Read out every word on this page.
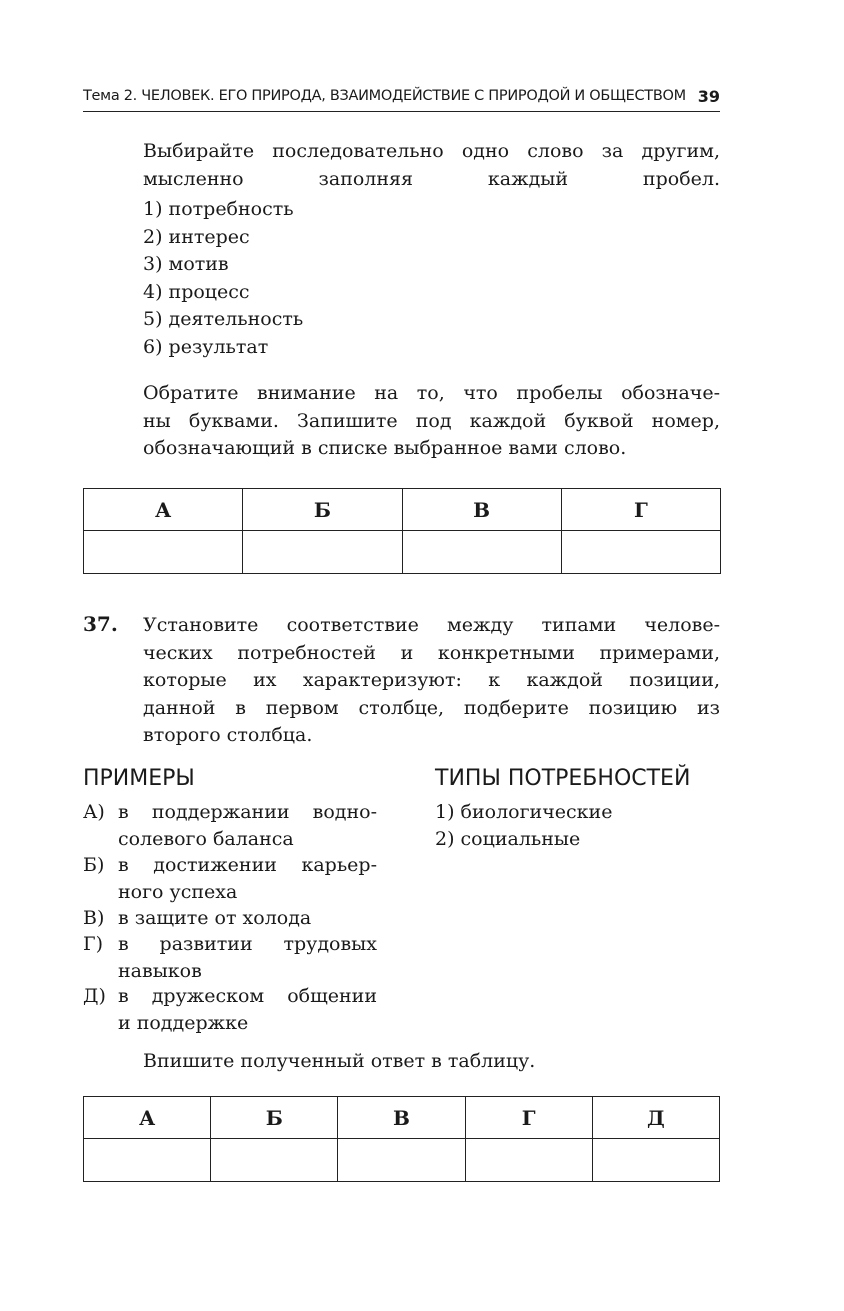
Тема 2. ЧЕЛОВЕК. ЕГО ПРИРОДА, ВЗАИМОДЕЙСТВИЕ С ПРИРОДОЙ И ОБЩЕСТВОМ 39
Выбирайте последовательно одно слово за другим,
мысленно заполняя каждый пробел.
1) потребность
2) интерес
3) мотив
4) процесс
5) деятельность
6) результат
Обратите внимание на то, что пробелы обозначе-
ны буквами. Запишите под каждой буквой номер,
обозначающий в списке выбранное вами слово.
А	Б	В	Г

37. Установите соответствие между типами челове-
ческих потребностей и конкретными примерами,
которые их характеризуют: к каждой позиции,
данной в первом столбце, подберите позицию из
второго столбца.
ПРИМЕРЫ	ТИПЫ ПОТРЕБНОСТЕЙ
А) в поддержании водно-
солевого баланса
Б) в достижении карьер-
ного успеха
В) в защите от холода
Г) в развитии трудовых
навыков
Д) в дружеском общении
и поддержке
1) биологические
2) социальные
Впишите полученный ответ в таблицу.
А	Б	В	Г	Д
